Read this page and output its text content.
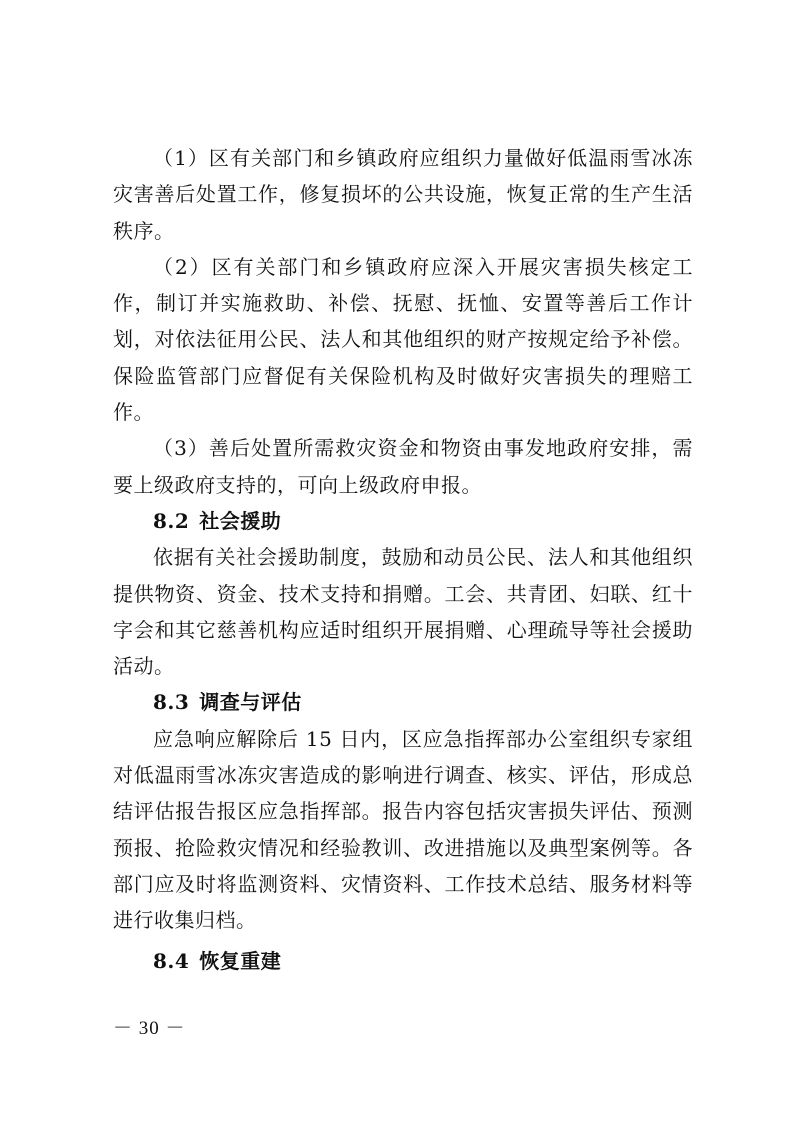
（1）区有关部门和乡镇政府应组织力量做好低温雨雪冰冻灾害善后处置工作，修复损坏的公共设施，恢复正常的生产生活秩序。

（2）区有关部门和乡镇政府应深入开展灾害损失核定工作，制订并实施救助、补偿、抚慰、抚恤、安置等善后工作计划，对依法征用公民、法人和其他组织的财产按规定给予补偿。保险监管部门应督促有关保险机构及时做好灾害损失的理赔工作。

（3）善后处置所需救灾资金和物资由事发地政府安排，需要上级政府支持的，可向上级政府申报。

8.2 社会援助

依据有关社会援助制度，鼓励和动员公民、法人和其他组织提供物资、资金、技术支持和捐赠。工会、共青团、妇联、红十字会和其它慈善机构应适时组织开展捐赠、心理疏导等社会援助活动。

8.3 调查与评估

应急响应解除后 15 日内，区应急指挥部办公室组织专家组对低温雨雪冰冻灾害造成的影响进行调查、核实、评估，形成总结评估报告报区应急指挥部。报告内容包括灾害损失评估、预测预报、抢险救灾情况和经验教训、改进措施以及典型案例等。各部门应及时将监测资料、灾情资料、工作技术总结、服务材料等进行收集归档。

8.4 恢复重建
－ 30 －
